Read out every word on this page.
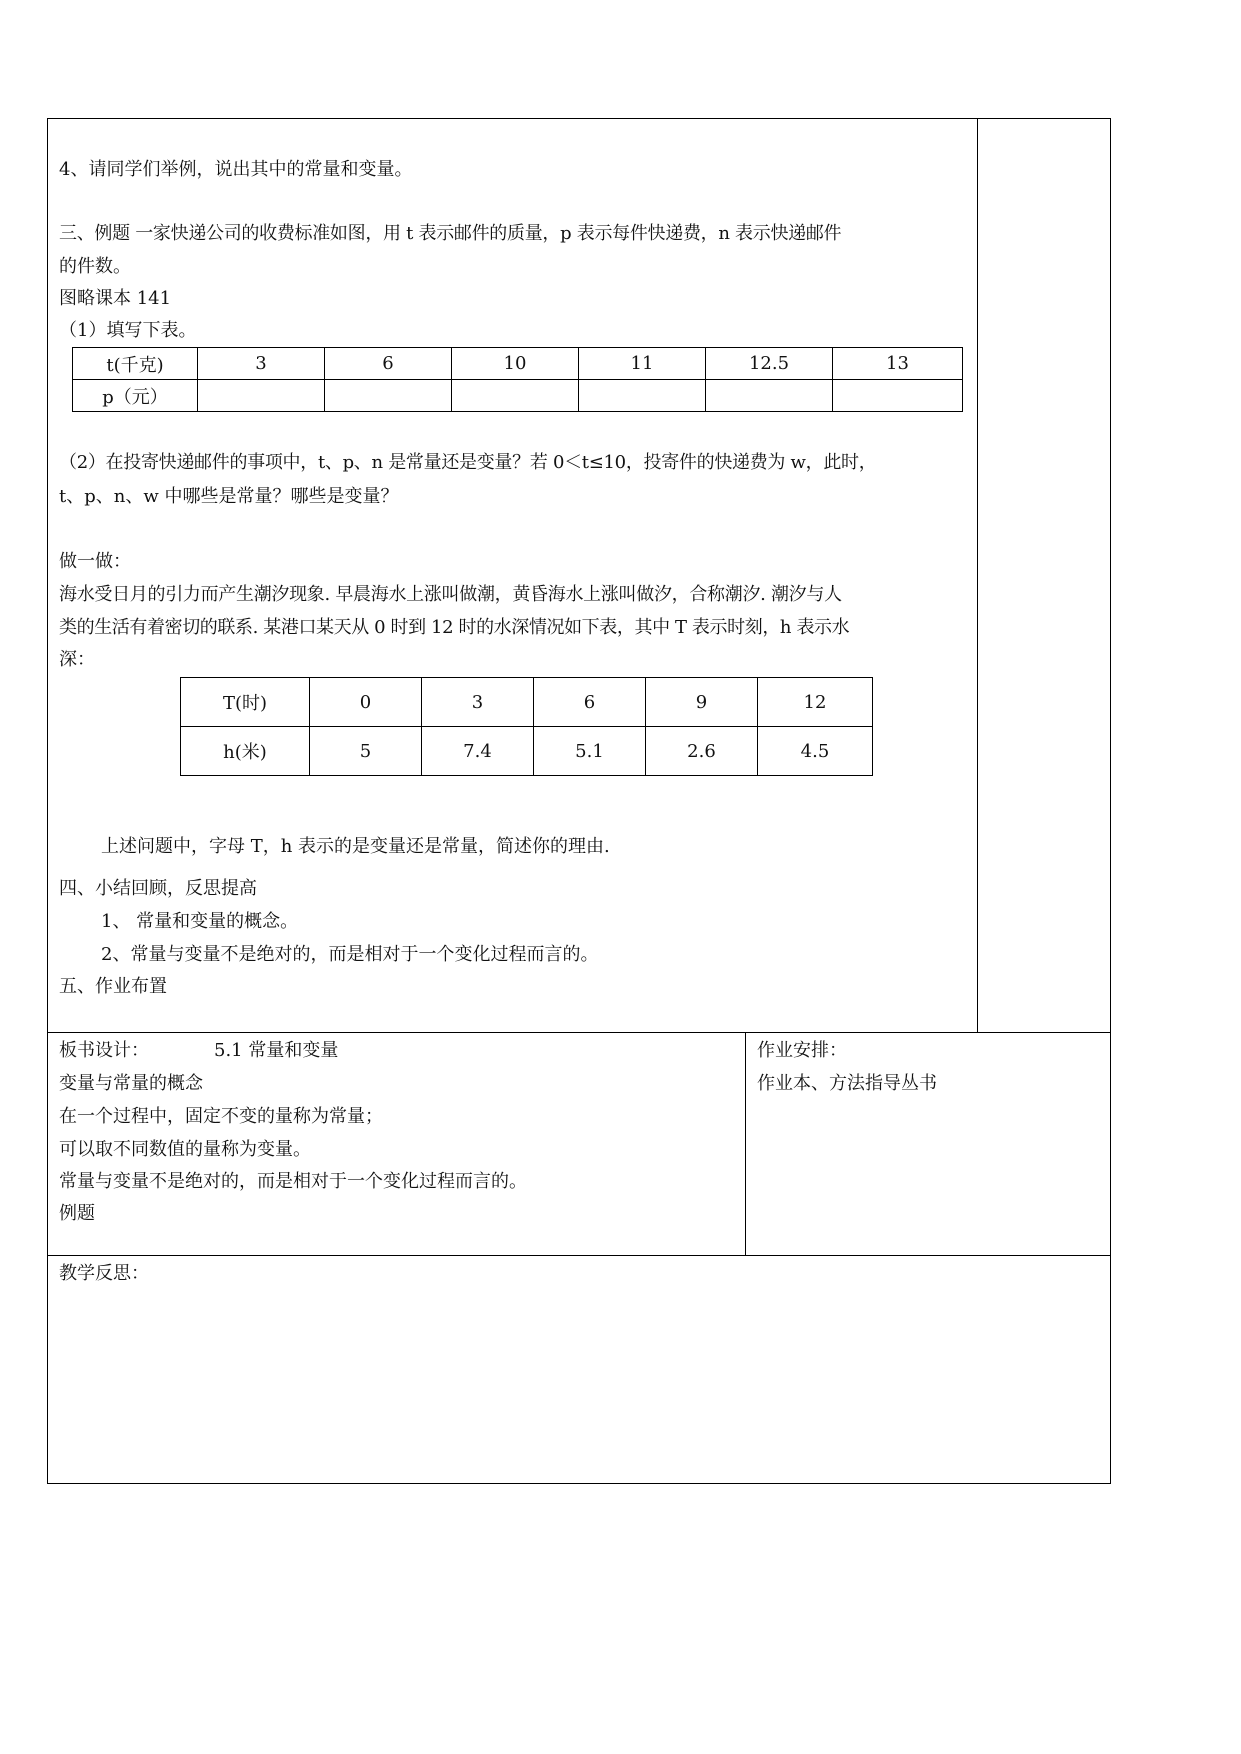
4、请同学们举例，说出其中的常量和变量。
三、例题 一家快递公司的收费标准如图，用 t 表示邮件的质量，p 表示每件快递费，n 表示快递邮件
的件数。
图略课本 141
（1）填写下表。
t(千克)	3	6	10	11	12.5	13
p（元）						
（2）在投寄快递邮件的事项中，t、p、n 是常量还是变量？若 0＜t≤10，投寄件的快递费为 w，此时，
t、p、n、w 中哪些是常量？哪些是变量？
做一做：
海水受日月的引力而产生潮汐现象. 早晨海水上涨叫做潮，黄昏海水上涨叫做汐，合称潮汐. 潮汐与人
类的生活有着密切的联系. 某港口某天从 0 时到 12 时的水深情况如下表，其中 T 表示时刻，h 表示水
深：
T(时)	0	3	6	9	12
h(米)	5	7.4	5.1	2.6	4.5
上述问题中，字母 T，h 表示的是变量还是常量，简述你的理由.
四、小结回顾，反思提高
1、 常量和变量的概念。
2、常量与变量不是绝对的，而是相对于一个变化过程而言的。
五、作业布置
板书设计：	5.1 常量和变量
变量与常量的概念
在一个过程中，固定不变的量称为常量；
可以取不同数值的量称为变量。
常量与变量不是绝对的，而是相对于一个变化过程而言的。
例题
作业安排：
作业本、方法指导丛书
教学反思：
